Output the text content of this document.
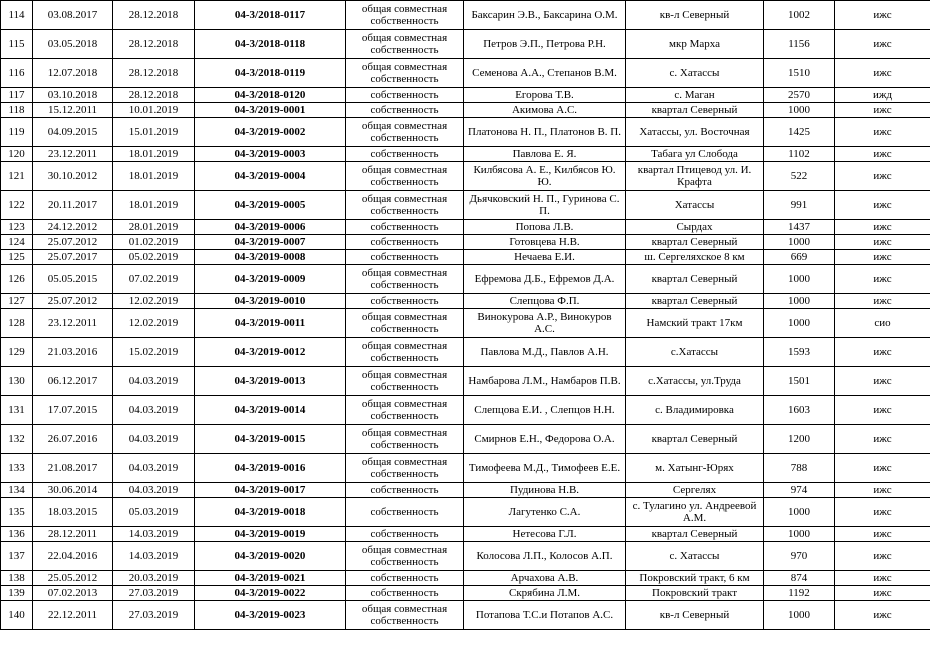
114	03.08.2017	28.12.2018	04-3/2018-0117	общая совместная собственность	Баксарин Э.В., Баксарина О.М.	кв-л Северный	1002	ижс
115	03.05.2018	28.12.2018	04-3/2018-0118	общая совместная собственность	Петров Э.П., Петрова Р.Н.	мкр Марха	1156	ижс
116	12.07.2018	28.12.2018	04-3/2018-0119	общая совместная собственность	Семенова А.А., Степанов В.М.	с. Хатассы	1510	ижс
117	03.10.2018	28.12.2018	04-3/2018-0120	собственность	Егорова Т.В.	с. Маган	2570	ижд
118	15.12.2011	10.01.2019	04-3/2019-0001	собственность	Акимова А.С.	квартал Северный	1000	ижс
119	04.09.2015	15.01.2019	04-3/2019-0002	общая совместная собственность	Платонова Н. П., Платонов В. П.	Хатассы, ул. Восточная	1425	ижс
120	23.12.2011	18.01.2019	04-3/2019-0003	собственность	Павлова Е. Я.	Табага ул Слобода	1102	ижс
121	30.10.2012	18.01.2019	04-3/2019-0004	общая совместная собственность	Килбясова А. Е., Килбясов Ю. Ю.	квартал Птицевод ул. И. Крафта	522	ижс
122	20.11.2017	18.01.2019	04-3/2019-0005	общая совместная собственность	Дьячковский Н. П., Гуринова С. П.	Хатассы	991	ижс
123	24.12.2012	28.01.2019	04-3/2019-0006	собственность	Попова Л.В.	Сырдах	1437	ижс
124	25.07.2012	01.02.2019	04-3/2019-0007	собственность	Готовцева Н.В.	квартал Северный	1000	ижс
125	25.07.2017	05.02.2019	04-3/2019-0008	собственность	Нечаева Е.И.	ш. Сергеляхское 8 км	669	ижс
126	05.05.2015	07.02.2019	04-3/2019-0009	общая совместная собственность	Ефремова Д.Б., Ефремов Д.А.	квартал Северный	1000	ижс
127	25.07.2012	12.02.2019	04-3/2019-0010	собственность	Слепцова Ф.П.	квартал Северный	1000	ижс
128	23.12.2011	12.02.2019	04-3/2019-0011	общая совместная собственность	Винокурова А.Р., Винокуров А.С.	Намский тракт 17км	1000	сио
129	21.03.2016	15.02.2019	04-3/2019-0012	общая совместная собственность	Павлова М.Д., Павлов А.Н.	с.Хатассы	1593	ижс
130	06.12.2017	04.03.2019	04-3/2019-0013	общая совместная собственность	Намбарова Л.М., Намбаров П.В.	с.Хатассы, ул.Труда	1501	ижс
131	17.07.2015	04.03.2019	04-3/2019-0014	общая совместная собственность	Слепцова Е.И. , Слепцов Н.Н.	с. Владимировка	1603	ижс
132	26.07.2016	04.03.2019	04-3/2019-0015	общая совместная собственность	Смирнов Е.Н., Федорова О.А.	квартал Северный	1200	ижс
133	21.08.2017	04.03.2019	04-3/2019-0016	общая совместная собственность	Тимофеева М.Д., Тимофеев Е.Е.	м. Хатынг-Юрях	788	ижс
134	30.06.2014	04.03.2019	04-3/2019-0017	собственность	Пудинова Н.В.	Сергелях	974	ижс
135	18.03.2015	05.03.2019	04-3/2019-0018	собственность	Лагутенко С.А.	с. Тулагино ул. Андреевой А.М.	1000	ижс
136	28.12.2011	14.03.2019	04-3/2019-0019	собственность	Нетесова Г.Л.	квартал Северный	1000	ижс
137	22.04.2016	14.03.2019	04-3/2019-0020	общая совместная собственность	Колосова Л.П., Колосов А.П.	с. Хатассы	970	ижс
138	25.05.2012	20.03.2019	04-3/2019-0021	собственность	Арчахова А.В.	Покровский тракт, 6 км	874	ижс
139	07.02.2013	27.03.2019	04-3/2019-0022	собственность	Скрябина Л.М.	Покровский тракт	1192	ижс
140	22.12.2011	27.03.2019	04-3/2019-0023	общая совместная собственность	Потапова Т.С.и Потапов А.С.	кв-л Северный	1000	ижс
